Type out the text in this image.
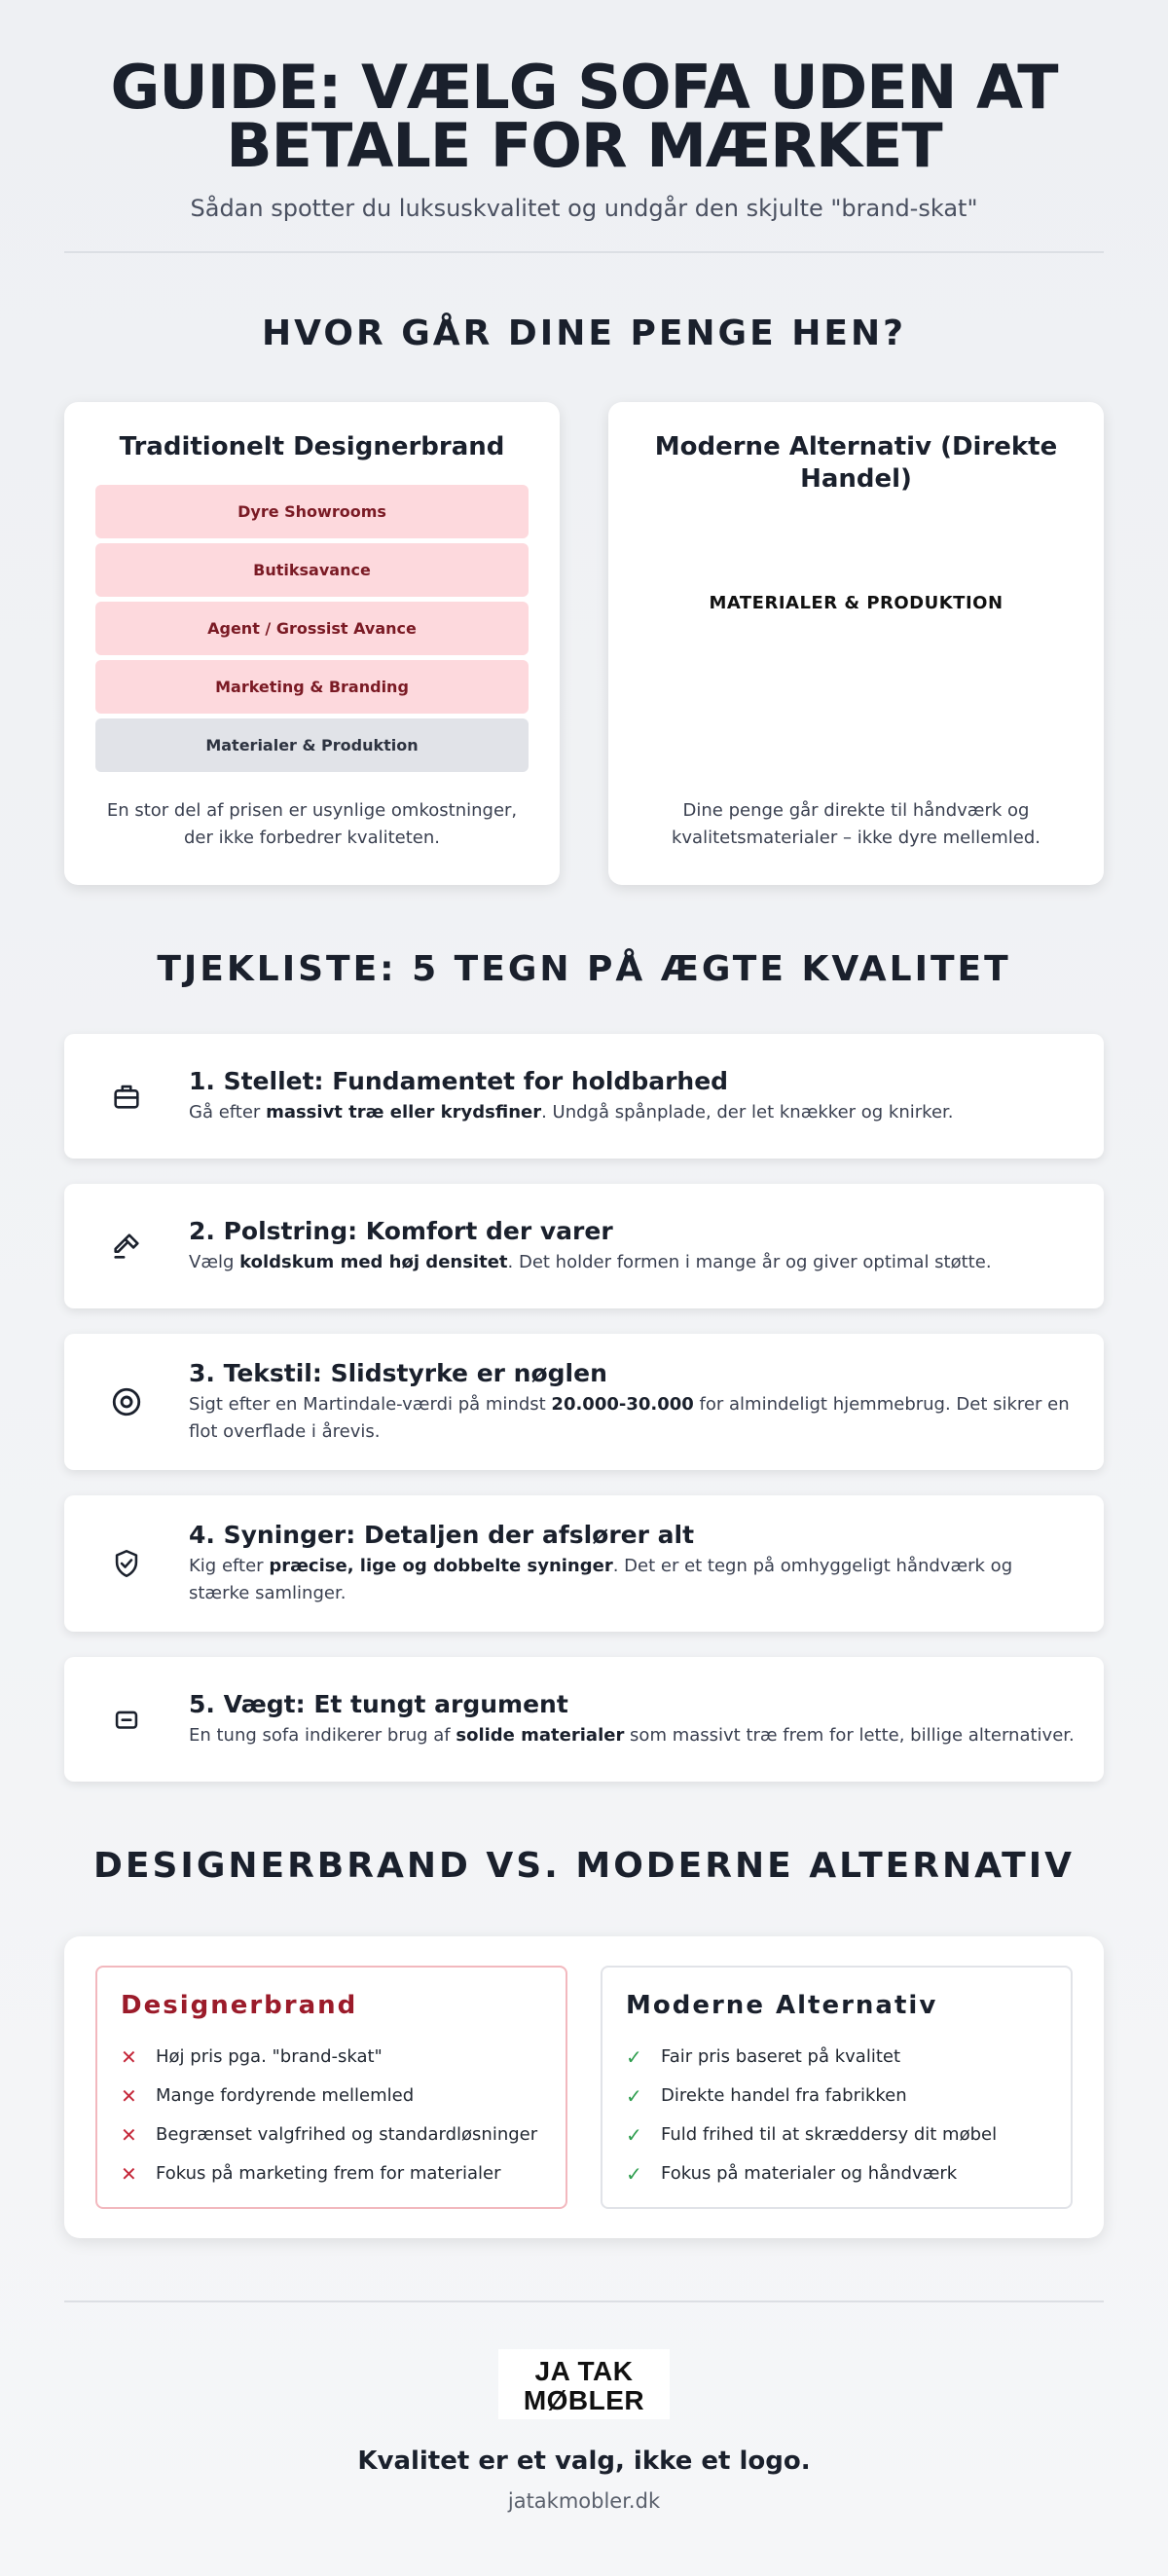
GUIDE: VÆLG SOFA UDEN AT
BETALE FOR MÆRKET

Sådan spotter du luksuskvalitet og undgår den skjulte "brand-skat"

HVOR GÅR DINE PENGE HEN?
Traditionelt Designerbrand
Dyre Showrooms
Butiksavance
Agent / Grossist Avance
Marketing & Branding
Materialer & Produktion

En stor del af prisen er usynlige omkostninger, der ikke forbedrer kvaliteten.

Moderne Alternativ (Direkte Handel)
MATERIALER & PRODUKTION

Dine penge går direkte til håndværk og kvalitetsmaterialer – ikke dyre mellemled.

TJEKLISTE: 5 TEGN PÅ ÆGTE KVALITET
1. Stellet: Fundamentet for holdbarhed

Gå efter massivt træ eller krydsfiner. Undgå spånplade, der let knækker og knirker.

2. Polstring: Komfort der varer

Vælg koldskum med høj densitet. Det holder formen i mange år og giver optimal støtte.

3. Tekstil: Slidstyrke er nøglen

Sigt efter en Martindale-værdi på mindst 20.000-30.000 for almindeligt hjemmebrug. Det sikrer en flot overflade i årevis.

4. Syninger: Detaljen der afslører alt

Kig efter præcise, lige og dobbelte syninger. Det er et tegn på omhyggeligt håndværk og stærke samlinger.

5. Vægt: Et tungt argument

En tung sofa indikerer brug af solide materialer som massivt træ frem for lette, billige alternativer.

DESIGNERBRAND VS. MODERNE ALTERNATIV
Designerbrand
✕	Høj pris pga. "brand-skat"
✕	Mange fordyrende mellemled
✕	Begrænset valgfrihed og standardløsninger
✕	Fokus på marketing frem for materialer
Moderne Alternativ
✓	Fair pris baseret på kvalitet
✓	Direkte handel fra fabrikken
✓	Fuld frihed til at skræddersy dit møbel
✓	Fokus på materialer og håndværk
JA TAK
MØBLER
Kvalitet er et valg, ikke et logo.
jatakmobler.dk
